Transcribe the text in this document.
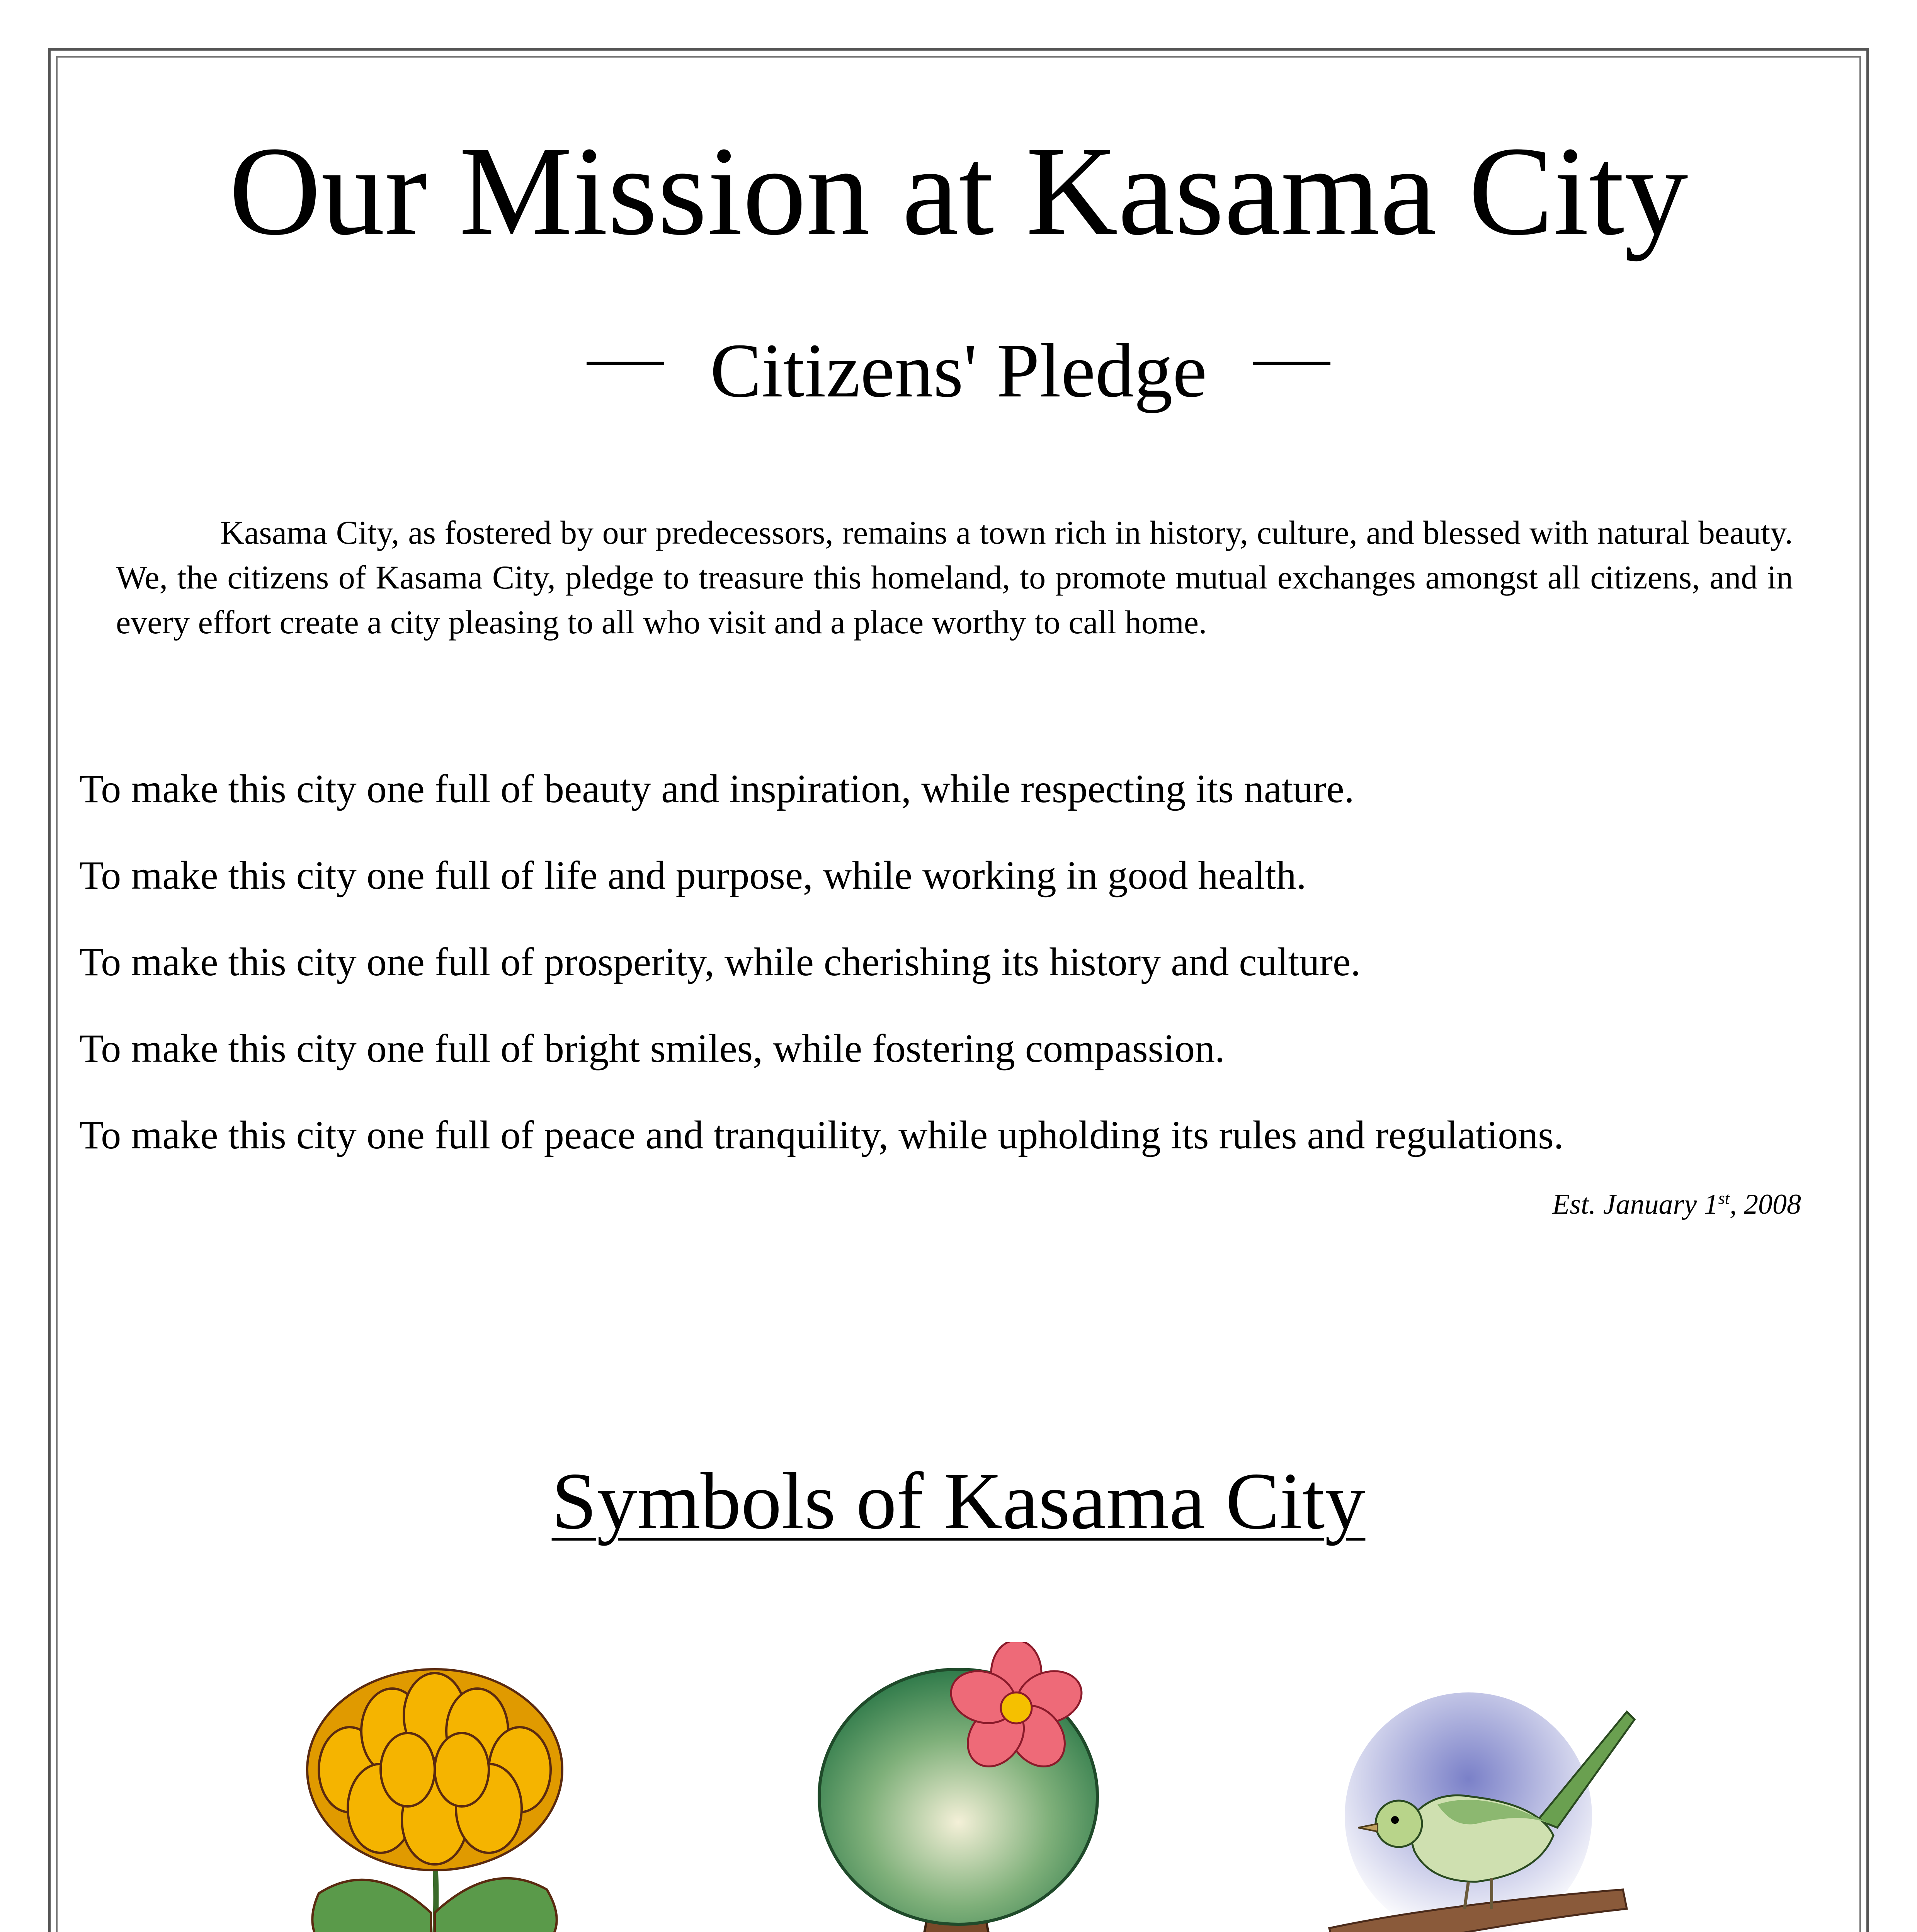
Our Mission at Kasama City
Citizens' Pledge

Kasama City, as fostered by our predecessors, remains a town rich in history, culture, and blessed with natural beauty. We, the citizens of Kasama City, pledge to treasure this homeland, to promote mutual exchanges amongst all citizens, and in every effort create a city pleasing to all who visit and a place worthy to call home.

To make this city one full of beauty and inspiration, while respecting its nature.
To make this city one full of life and purpose, while working in good health.
To make this city one full of prosperity, while cherishing its history and culture.
To make this city one full of bright smiles, while fostering compassion.
To make this city one full of peace and tranquility, while upholding its rules and regulations.
Est. January 1st, 2008
Symbols of Kasama City
